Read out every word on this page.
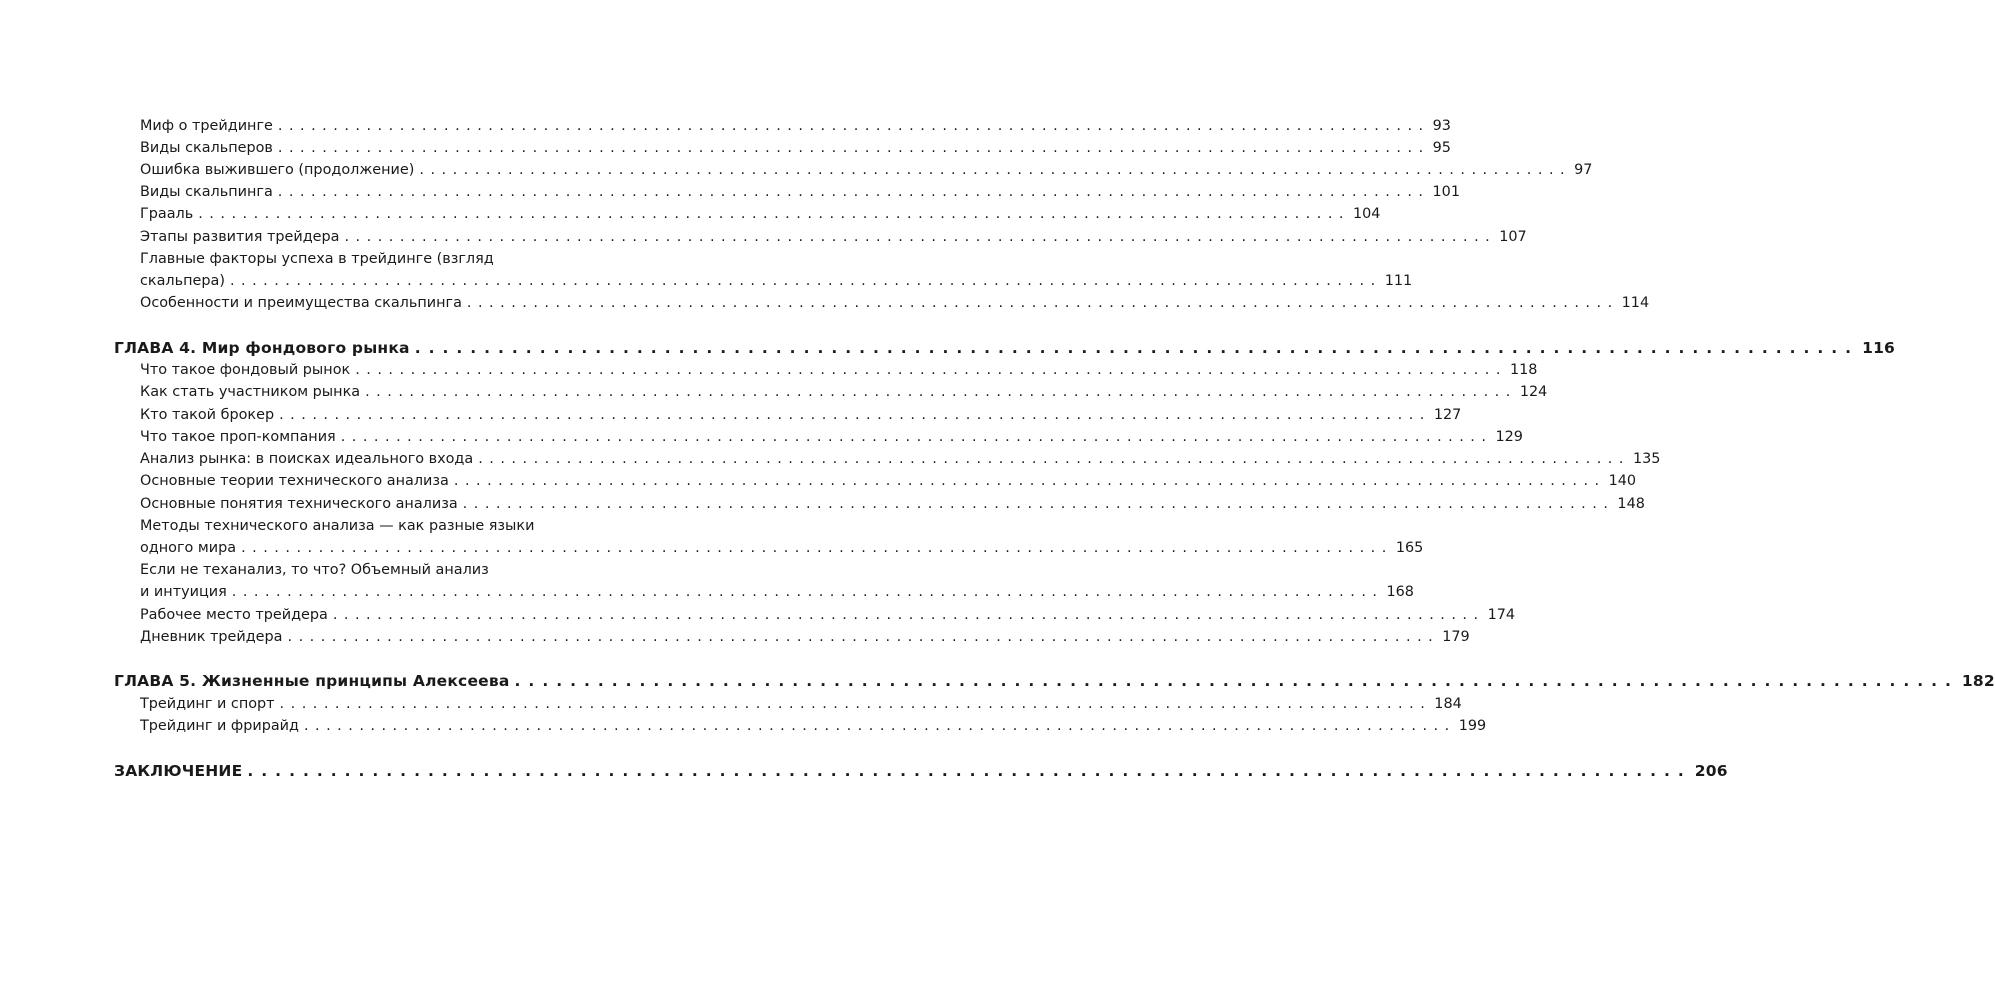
Миф о трейдинге ........................................................................................................ 93
Виды скальперов ........................................................................................................ 95
Ошибка выжившего (продолжение) ........................................................................................................ 97
Виды скальпинга ........................................................................................................ 101
Грааль ........................................................................................................ 104
Этапы развития трейдера ........................................................................................................ 107
Главные факторы успеха в трейдинге (взгляд
скальпера) ........................................................................................................ 111
Особенности и преимущества скальпинга ........................................................................................................ 114
ГЛАВА 4. Мир фондового рынка ........................................................................................................ 116
Что такое фондовый рынок ........................................................................................................ 118
Как стать участником рынка ........................................................................................................ 124
Кто такой брокер ........................................................................................................ 127
Что такое проп-компания ........................................................................................................ 129
Анализ рынка: в поисках идеального входа ........................................................................................................ 135
Основные теории технического анализа ........................................................................................................ 140
Основные понятия технического анализа ........................................................................................................ 148
Методы технического анализа — как разные языки
одного мира ........................................................................................................ 165
Если не теханализ, то что? Объемный анализ
и интуиция ........................................................................................................ 168
Рабочее место трейдера ........................................................................................................ 174
Дневник трейдера ........................................................................................................ 179
ГЛАВА 5. Жизненные принципы Алексеева ........................................................................................................ 182
Трейдинг и спорт ........................................................................................................ 184
Трейдинг и фрирайд ........................................................................................................ 199
ЗАКЛЮЧЕНИЕ ........................................................................................................ 206
